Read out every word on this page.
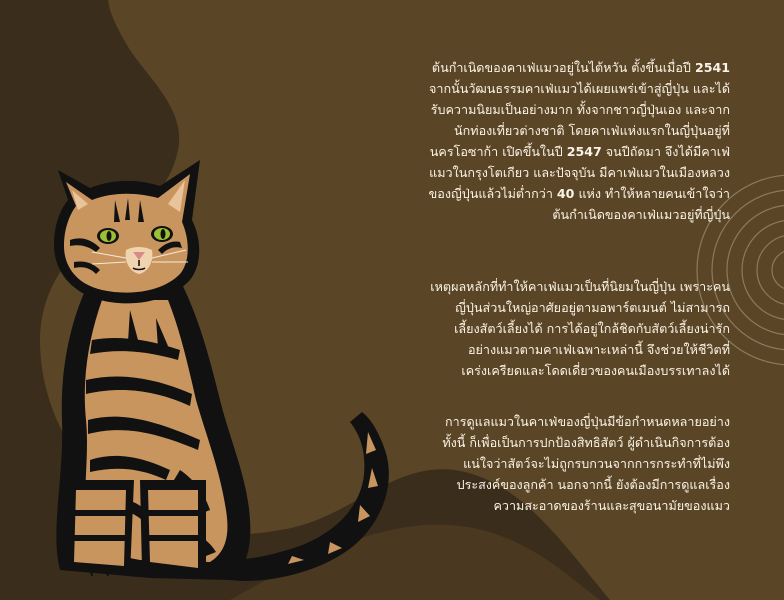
ต้นกำเนิดของคาเฟ่แมวอยู่ในไต้หวัน ตั้งขึ้นเมื่อปี 2541
จากนั้นวัฒนธรรมคาเฟ่แมวได้เผยแพร่เข้าสู่ญี่ปุ่น และได้
รับความนิยมเป็นอย่างมาก ทั้งจากชาวญี่ปุ่นเอง และจาก
นักท่องเที่ยวต่างชาติ โดยคาเฟ่แห่งแรกในญี่ปุ่นอยู่ที่
นครโอซาก้า เปิดขึ้นในปี 2547 จนปีถัดมา จึงได้มีคาเฟ่
แมวในกรุงโตเกียว และปัจจุบัน มีคาเฟ่แมวในเมืองหลวง
ของญี่ปุ่นแล้วไม่ต่ำกว่า 40 แห่ง ทำให้หลายคนเข้าใจว่า
ต้นกำเนิดของคาเฟ่แมวอยู่ที่ญี่ปุ่น
เหตุผลหลักที่ทำให้คาเฟ่แมวเป็นที่นิยมในญี่ปุ่น เพราะคน
ญี่ปุ่นส่วนใหญ่อาศัยอยู่ตามอพาร์ตเมนต์ ไม่สามารถ
เลี้ยงสัตว์เลี้ยงได้ การได้อยู่ใกล้ชิดกับสัตว์เลี้ยงน่ารัก
อย่างแมวตามคาเฟ่เฉพาะเหล่านี้ จึงช่วยให้ชีวิตที่
เคร่งเครียดและโดดเดี่ยวของคนเมืองบรรเทาลงได้
การดูแลแมวในคาเฟ่ของญี่ปุ่นมีข้อกำหนดหลายอย่าง
ทั้งนี้ ก็เพื่อเป็นการปกป้องสิทธิสัตว์ ผู้ดำเนินกิจการต้อง
แน่ใจว่าสัตว์จะไม่ถูกรบกวนจากการกระทำที่ไม่พึง
ประสงค์ของลูกค้า นอกจากนี้ ยังต้องมีการดูแลเรื่อง
ความสะอาดของร้านและสุขอนามัยของแมว
